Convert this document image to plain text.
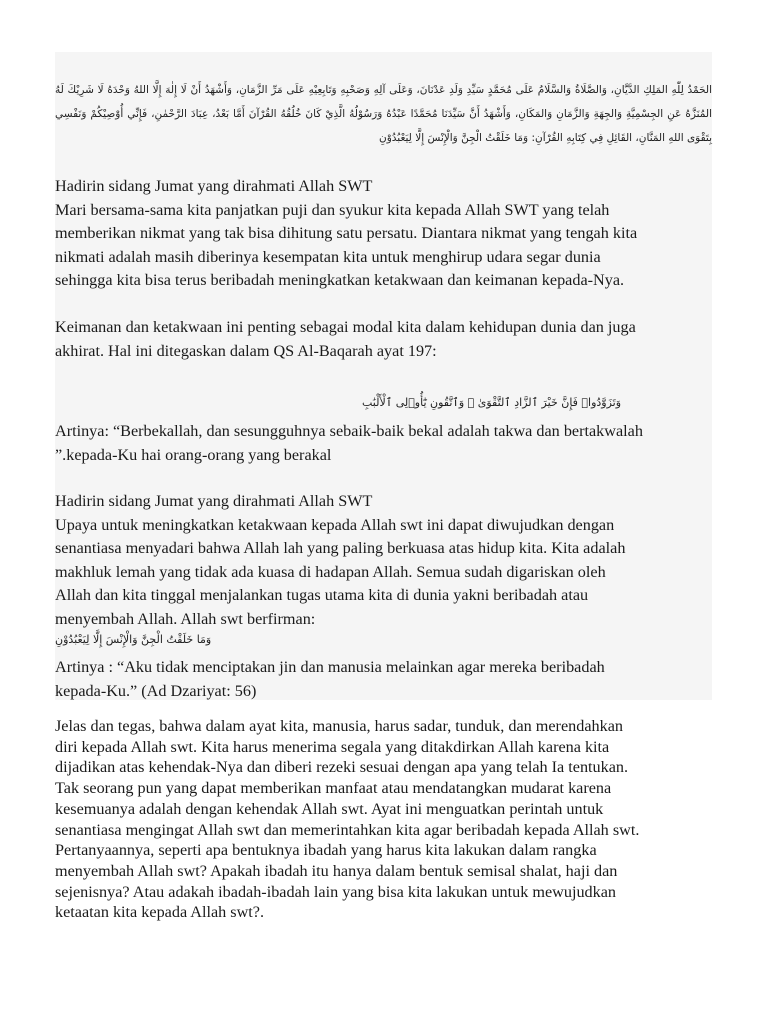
الحَمْدُ لِلّٰهِ المَلِكِ الدَّيَّانِ، وَالصَّلَاةُ وَالسَّلَامُ عَلَى مُحَمَّدٍ سَيِّدِ وَلَدِ عَدْنَانَ، وَعَلَى آلِهِ وَصَحْبِهِ وَتَابِعِيْهِ عَلَى مَرِّ الزَّمَانِ، وَأَشْهَدُ أَنْ لَا إِلٰهَ إِلَّا اللهُ وَحْدَهُ لَا شَرِيْكَ لَهُ المُنَزَّهُ عَنِ الجِسْمِيَّةِ وَالجِهَةِ وَالزَّمَانِ وَالمَكَانِ، وَأَشْهَدُ أَنَّ سَيِّدَنَا مُحَمَّدًا عَبْدُهُ وَرَسُوْلُهُ الَّذِيْ كَانَ خُلُقُهُ القُرْآنَ أَمَّا بَعْدُ، عِبَادَ الرَّحْمٰنِ، فَإِنِّي أُوْصِيْكُمْ وَنَفْسِي بِتَقْوَى اللهِ المَنَّانِ، القَائِلِ فِي كِتَابِهِ القُرْآنِ: وَمَا خَلَقْتُ الْجِنَّ وَالْإِنْسَ إِلَّا لِيَعْبُدُوْنِ

Hadirin sidang Jumat yang dirahmati Allah SWT
Mari bersama-sama kita panjatkan puji dan syukur kita kepada Allah SWT yang telah
memberikan nikmat yang tak bisa dihitung satu persatu. Diantara nikmat yang tengah kita
nikmati adalah masih diberinya kesempatan kita untuk menghirup udara segar dunia
sehingga kita bisa terus beribadah meningkatkan ketakwaan dan keimanan kepada-Nya.

Keimanan dan ketakwaan ini penting sebagai modal kita dalam kehidupan dunia dan juga
akhirat. Hal ini ditegaskan dalam QS Al-Baqarah ayat 197:

وَتَزَوَّدُوا۟ فَإِنَّ خَيْرَ ٱلزَّادِ ٱلتَّقْوَىٰ ۚ وَٱتَّقُونِ يَٰٓأُو۟لِى ٱلْأَلْبَٰبِ

Artinya: “Berbekallah, dan sesungguhnya sebaik-baik bekal adalah takwa dan bertakwalah
”.kepada-Ku hai orang-orang yang berakal

Hadirin sidang Jumat yang dirahmati Allah SWT
Upaya untuk meningkatkan ketakwaan kepada Allah swt ini dapat diwujudkan dengan
senantiasa menyadari bahwa Allah lah yang paling berkuasa atas hidup kita. Kita adalah
makhluk lemah yang tidak ada kuasa di hadapan Allah. Semua sudah digariskan oleh
Allah dan kita tinggal menjalankan tugas utama kita di dunia yakni beribadah atau
menyembah Allah. Allah swt berfirman:

وَمَا خَلَقْتُ الْجِنَّ وَالْإِنْسَ إِلَّا لِيَعْبُدُوْنِ

Artinya : “Aku tidak menciptakan jin dan manusia melainkan agar mereka beribadah
kepada-Ku.” (Ad Dzariyat: 56)

Jelas dan tegas, bahwa dalam ayat kita, manusia, harus sadar, tunduk, dan merendahkan
diri kepada Allah swt. Kita harus menerima segala yang ditakdirkan Allah karena kita
dijadikan atas kehendak-Nya dan diberi rezeki sesuai dengan apa yang telah Ia tentukan.
Tak seorang pun yang dapat memberikan manfaat atau mendatangkan mudarat karena
kesemuanya adalah dengan kehendak Allah swt. Ayat ini menguatkan perintah untuk
senantiasa mengingat Allah swt dan memerintahkan kita agar beribadah kepada Allah swt.
Pertanyaannya, seperti apa bentuknya ibadah yang harus kita lakukan dalam rangka
menyembah Allah swt? Apakah ibadah itu hanya dalam bentuk semisal shalat, haji dan
sejenisnya? Atau adakah ibadah-ibadah lain yang bisa kita lakukan untuk mewujudkan
ketaatan kita kepada Allah swt?.
